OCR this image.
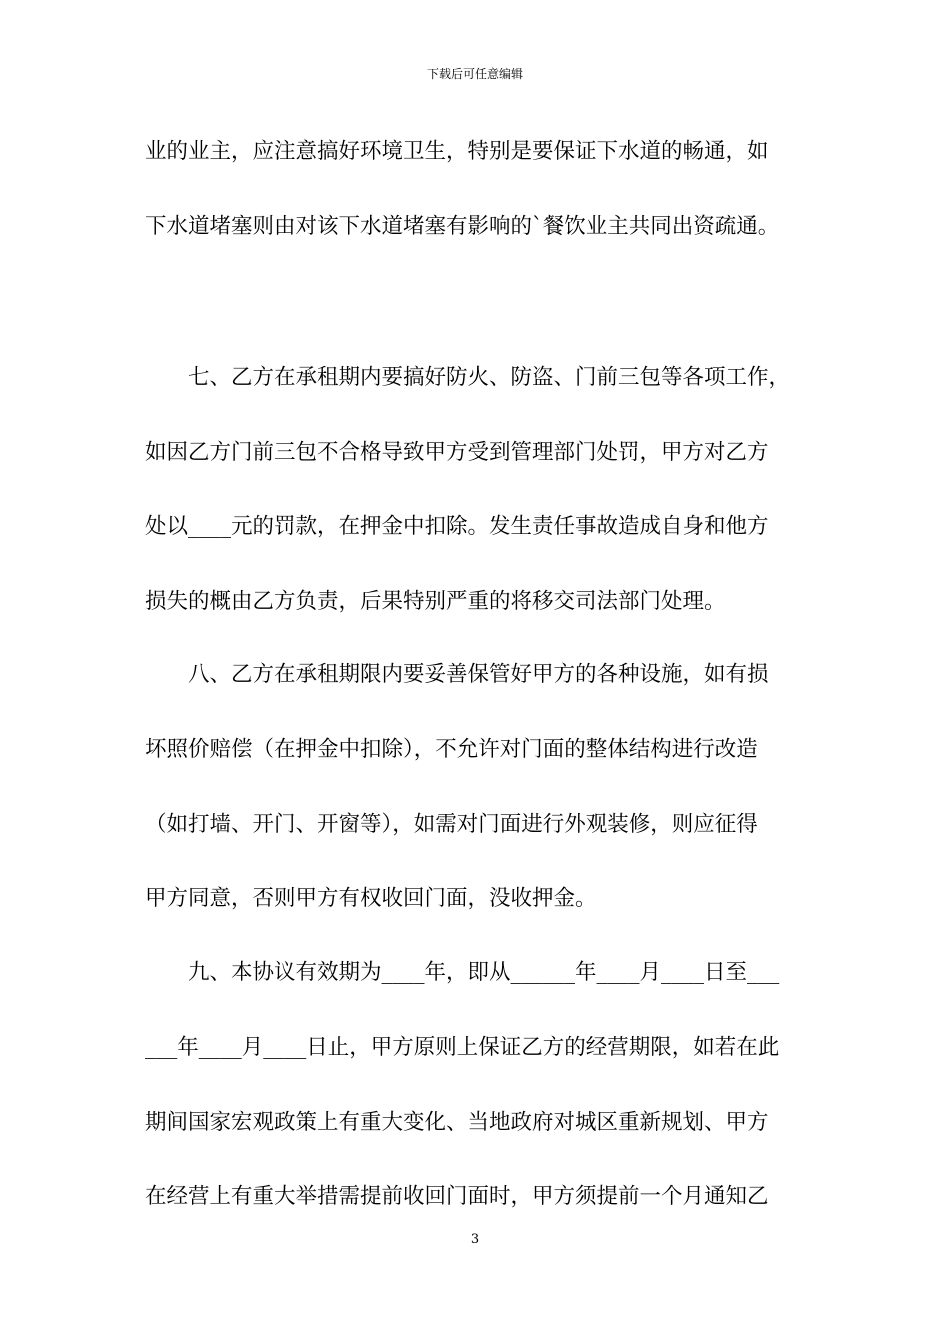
下载后可任意编辑
业的业主，应注意搞好环境卫生，特别是要保证下水道的畅通，如
下水道堵塞则由对该下水道堵塞有影响的`餐饮业主共同出资疏通。
　　七、乙方在承租期内要搞好防火、防盗、门前三包等各项工作，
如因乙方门前三包不合格导致甲方受到管理部门处罚，甲方对乙方
处以____元的罚款，在押金中扣除。发生责任事故造成自身和他方
损失的概由乙方负责，后果特别严重的将移交司法部门处理。
　　八、乙方在承租期限内要妥善保管好甲方的各种设施，如有损
坏照价赔偿（在押金中扣除），不允许对门面的整体结构进行改造
（如打墙、开门、开窗等），如需对门面进行外观装修，则应征得
甲方同意，否则甲方有权收回门面，没收押金。
　　九、本协议有效期为____年，即从______年____月____日至___
___年____月____日止，甲方原则上保证乙方的经营期限，如若在此
期间国家宏观政策上有重大变化、当地政府对城区重新规划、甲方
在经营上有重大举措需提前收回门面时，甲方须提前一个月通知乙
3
